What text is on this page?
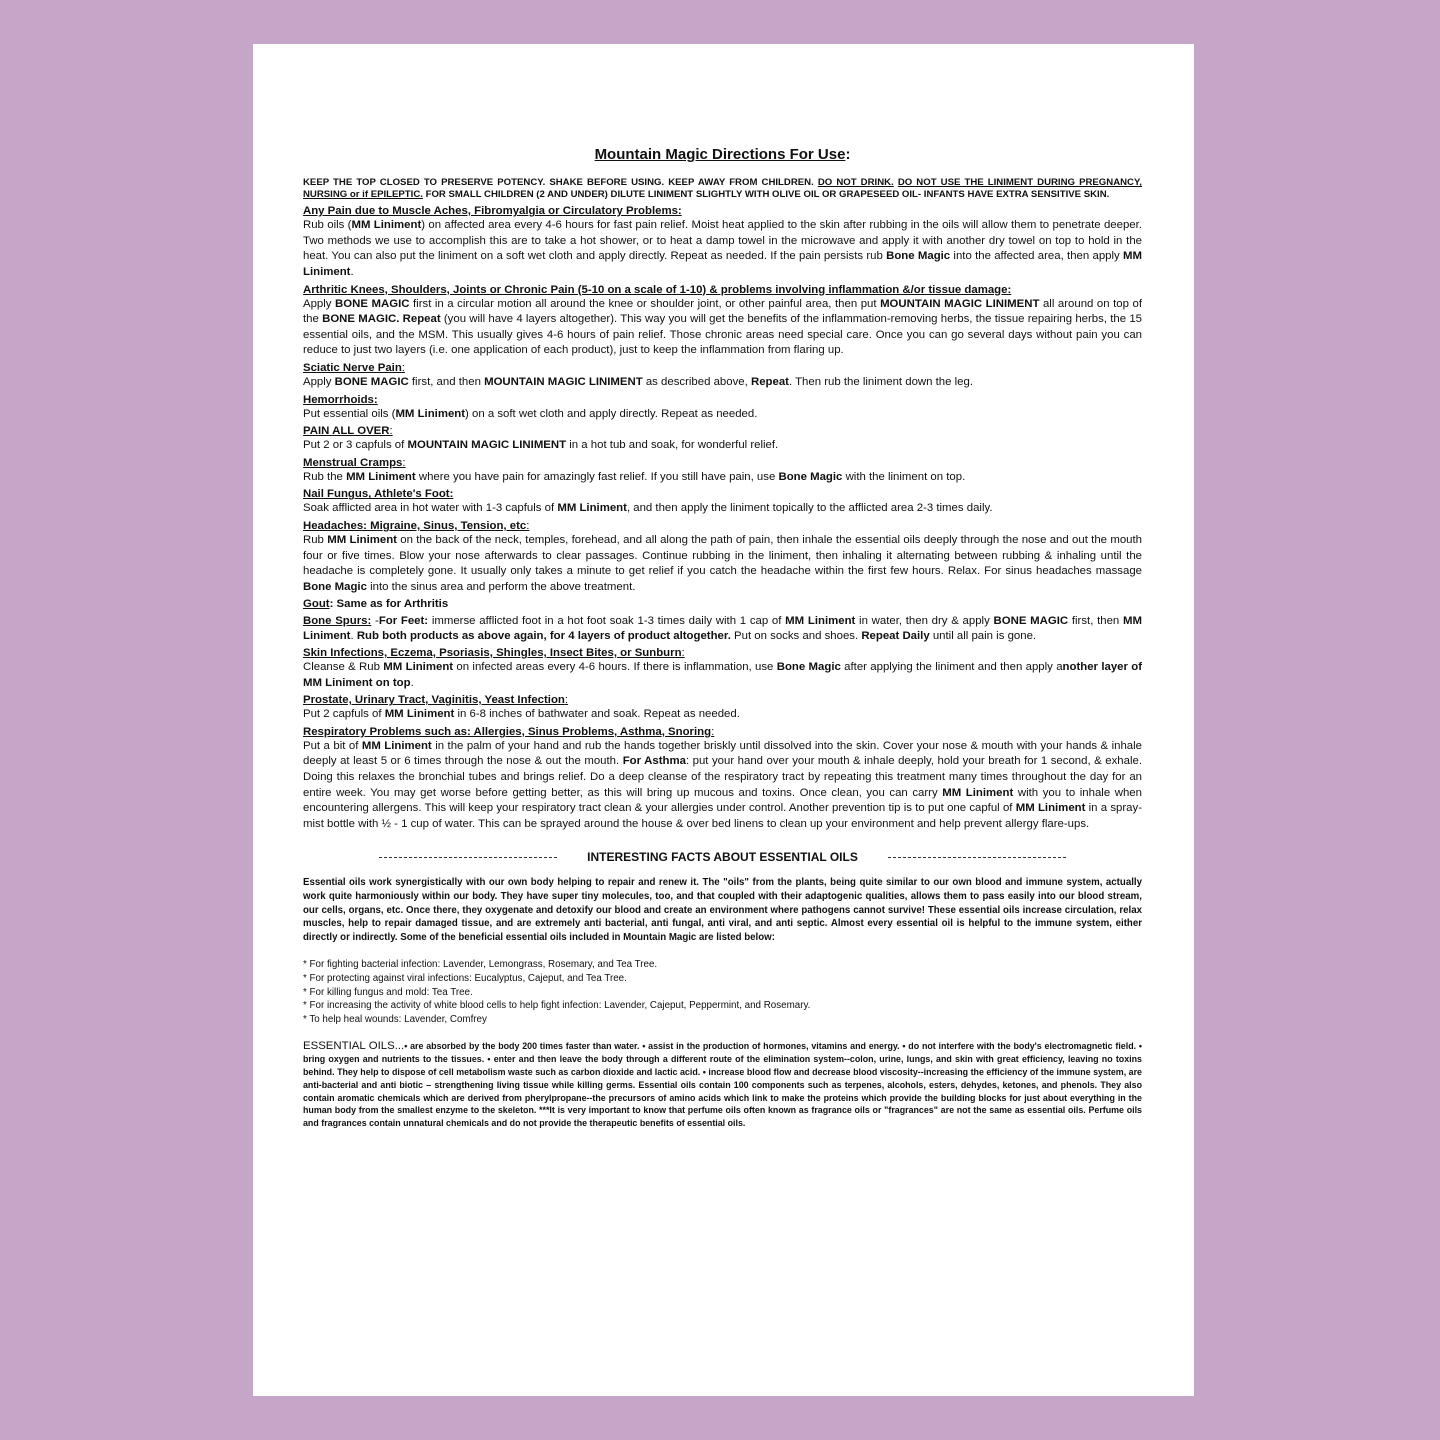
Mountain Magic Directions For Use:

KEEP THE TOP CLOSED TO PRESERVE POTENCY. SHAKE BEFORE USING. KEEP AWAY FROM CHILDREN. DO NOT DRINK. DO NOT USE THE LINIMENT DURING PREGNANCY, NURSING or if EPILEPTIC. FOR SMALL CHILDREN (2 AND UNDER) DILUTE LINIMENT SLIGHTLY WITH OLIVE OIL OR GRAPESEED OIL- INFANTS HAVE EXTRA SENSITIVE SKIN.

Any Pain due to Muscle Aches, Fibromyalgia or Circulatory Problems:

Rub oils (MM Liniment) on affected area every 4-6 hours for fast pain relief. Moist heat applied to the skin after rubbing in the oils will allow them to penetrate deeper. Two methods we use to accomplish this are to take a hot shower, or to heat a damp towel in the microwave and apply it with another dry towel on top to hold in the heat. You can also put the liniment on a soft wet cloth and apply directly. Repeat as needed. If the pain persists rub Bone Magic into the affected area, then apply MM Liniment.

Arthritic Knees, Shoulders, Joints or Chronic Pain (5-10 on a scale of 1-10) & problems involving inflammation &/or tissue damage:

Apply BONE MAGIC first in a circular motion all around the knee or shoulder joint, or other painful area, then put MOUNTAIN MAGIC LINIMENT all around on top of the BONE MAGIC. Repeat (you will have 4 layers altogether). This way you will get the benefits of the inflammation-removing herbs, the tissue repairing herbs, the 15 essential oils, and the MSM. This usually gives 4-6 hours of pain relief. Those chronic areas need special care. Once you can go several days without pain you can reduce to just two layers (i.e. one application of each product), just to keep the inflammation from flaring up.

Sciatic Nerve Pain:

Apply BONE MAGIC first, and then MOUNTAIN MAGIC LINIMENT as described above, Repeat. Then rub the liniment down the leg.

Hemorrhoids:

Put essential oils (MM Liniment) on a soft wet cloth and apply directly. Repeat as needed.

PAIN ALL OVER:

Put 2 or 3 capfuls of MOUNTAIN MAGIC LINIMENT in a hot tub and soak, for wonderful relief.

Menstrual Cramps:

Rub the MM Liniment where you have pain for amazingly fast relief. If you still have pain, use Bone Magic with the liniment on top.

Nail Fungus, Athlete's Foot:

Soak afflicted area in hot water with 1-3 capfuls of MM Liniment, and then apply the liniment topically to the afflicted area 2-3 times daily.

Headaches: Migraine, Sinus, Tension, etc:

Rub MM Liniment on the back of the neck, temples, forehead, and all along the path of pain, then inhale the essential oils deeply through the nose and out the mouth four or five times. Blow your nose afterwards to clear passages. Continue rubbing in the liniment, then inhaling it alternating between rubbing & inhaling until the headache is completely gone. It usually only takes a minute to get relief if you catch the headache within the first few hours. Relax. For sinus headaches massage Bone Magic into the sinus area and perform the above treatment.

Gout: Same as for Arthritis

Bone Spurs: -For Feet: immerse afflicted foot in a hot foot soak 1-3 times daily with 1 cap of MM Liniment in water, then dry & apply BONE MAGIC first, then MM Liniment. Rub both products as above again, for 4 layers of product altogether. Put on socks and shoes. Repeat Daily until all pain is gone.

Skin Infections, Eczema, Psoriasis, Shingles, Insect Bites, or Sunburn:

Cleanse & Rub MM Liniment on infected areas every 4-6 hours. If there is inflammation, use Bone Magic after applying the liniment and then apply another layer of MM Liniment on top.

Prostate, Urinary Tract, Vaginitis, Yeast Infection:

Put 2 capfuls of MM Liniment in 6-8 inches of bathwater and soak. Repeat as needed.

Respiratory Problems such as: Allergies, Sinus Problems, Asthma, Snoring:

Put a bit of MM Liniment in the palm of your hand and rub the hands together briskly until dissolved into the skin. Cover your nose & mouth with your hands & inhale deeply at least 5 or 6 times through the nose & out the mouth. For Asthma: put your hand over your mouth & inhale deeply, hold your breath for 1 second, & exhale. Doing this relaxes the bronchial tubes and brings relief. Do a deep cleanse of the respiratory tract by repeating this treatment many times throughout the day for an entire week. You may get worse before getting better, as this will bring up mucous and toxins. Once clean, you can carry MM Liniment with you to inhale when encountering allergens. This will keep your respiratory tract clean & your allergies under control. Another prevention tip is to put one capful of MM Liniment in a spray-mist bottle with ½ - 1 cup of water. This can be sprayed around the house & over bed linens to clean up your environment and help prevent allergy flare-ups.

INTERESTING FACTS ABOUT ESSENTIAL OILS

Essential oils work synergistically with our own body helping to repair and renew it. The "oils" from the plants, being quite similar to our own blood and immune system, actually work quite harmoniously within our body. They have super tiny molecules, too, and that coupled with their adaptogenic qualities, allows them to pass easily into our blood stream, our cells, organs, etc. Once there, they oxygenate and detoxify our blood and create an environment where pathogens cannot survive! These essential oils increase circulation, relax muscles, help to repair damaged tissue, and are extremely anti bacterial, anti fungal, anti viral, and anti septic. Almost every essential oil is helpful to the immune system, either directly or indirectly. Some of the beneficial essential oils included in Mountain Magic are listed below:

* For fighting bacterial infection: Lavender, Lemongrass, Rosemary, and Tea Tree.
* For protecting against viral infections: Eucalyptus, Cajeput, and Tea Tree.
* For killing fungus and mold: Tea Tree.
* For increasing the activity of white blood cells to help fight infection: Lavender, Cajeput, Peppermint, and Rosemary.
* To help heal wounds: Lavender, Comfrey

ESSENTIAL OILS...• are absorbed by the body 200 times faster than water. • assist in the production of hormones, vitamins and energy. • do not interfere with the body's electromagnetic field. • bring oxygen and nutrients to the tissues. • enter and then leave the body through a different route of the elimination system--colon, urine, lungs, and skin with great efficiency, leaving no toxins behind. They help to dispose of cell metabolism waste such as carbon dioxide and lactic acid. • increase blood flow and decrease blood viscosity--increasing the efficiency of the immune system, are anti-bacterial and anti biotic – strengthening living tissue while killing germs. Essential oils contain 100 components such as terpenes, alcohols, esters, dehydes, ketones, and phenols. They also contain aromatic chemicals which are derived from pherylpropane--the precursors of amino acids which link to make the proteins which provide the building blocks for just about everything in the human body from the smallest enzyme to the skeleton. ***It is very important to know that perfume oils often known as fragrance oils or "fragrances" are not the same as essential oils. Perfume oils and fragrances contain unnatural chemicals and do not provide the therapeutic benefits of essential oils.
